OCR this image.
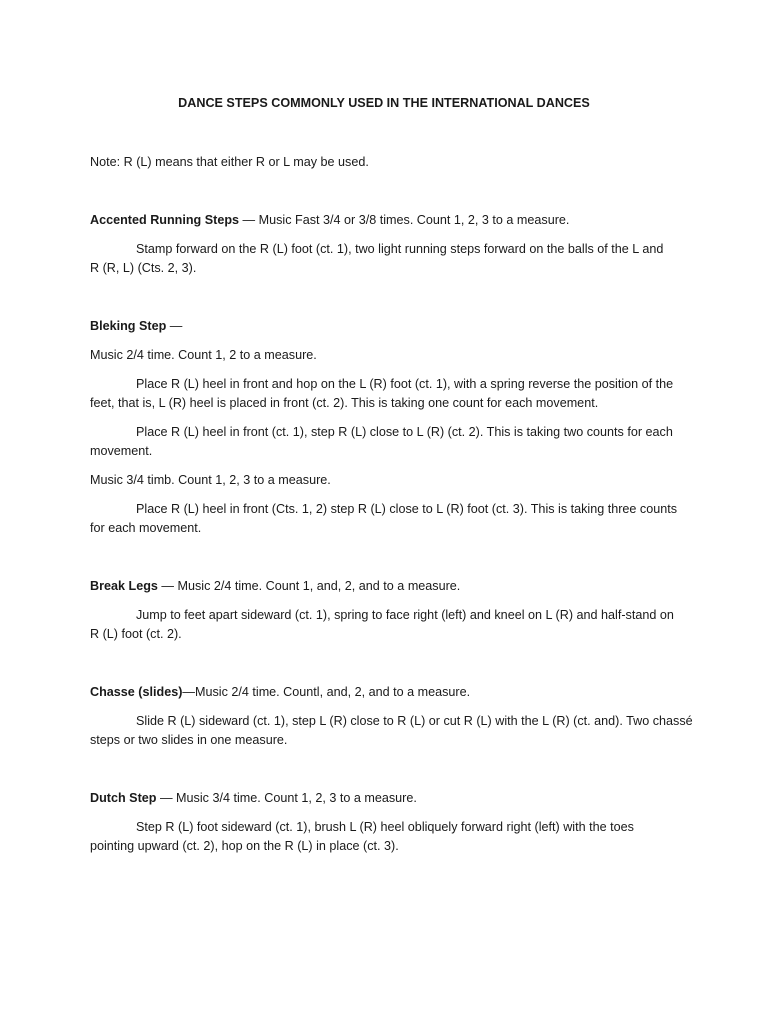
DANCE STEPS COMMONLY USED IN THE INTERNATIONAL DANCES
Note: R (L) means that either R or L may be used.
Accented Running Steps — Music Fast 3/4 or 3/8 times. Count 1, 2, 3 to a measure.
Stamp forward on the R (L) foot (ct. 1), two light running steps forward on the balls of the L and
R (R, L) (Cts. 2, 3).
Bleking Step —
Music 2/4 time. Count 1, 2 to a measure.
Place R (L) heel in front and hop on the L (R) foot (ct. 1), with a spring reverse the position of the
feet, that is, L (R) heel is placed in front (ct. 2). This is taking one count for each movement.
Place R (L) heel in front (ct. 1), step R (L) close to L (R) (ct. 2). This is taking two counts for each
movement.
Music 3/4 timb. Count 1, 2, 3 to a measure.
Place R (L) heel in front (Cts. 1, 2) step R (L) close to L (R) foot (ct. 3). This is taking three counts
for each movement.
Break Legs — Music 2/4 time. Count 1, and, 2, and to a measure.
Jump to feet apart sideward (ct. 1), spring to face right (left) and kneel on L (R) and half-stand on
R (L) foot (ct. 2).
Chasse (slides)—Music 2/4 time. Countl, and, 2, and to a measure.
Slide R (L) sideward (ct. 1), step L (R) close to R (L) or cut R (L) with the L (R) (ct. and). Two chassé
steps or two slides in one measure.
Dutch Step — Music 3/4 time. Count 1, 2, 3 to a measure.
Step R (L) foot sideward (ct. 1), brush L (R) heel obliquely forward right (left) with the toes
pointing upward (ct. 2), hop on the R (L) in place (ct. 3).
